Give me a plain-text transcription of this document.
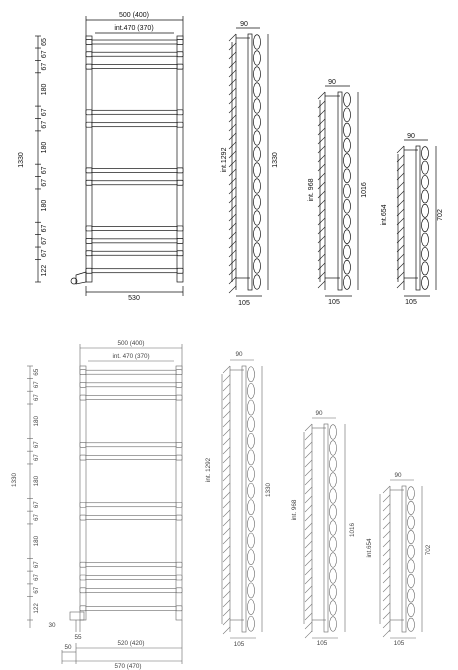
500 (400)
int.470 (370)
1330
65
67
67
180
67
67
180
67
67
180
67
67
67
122
530
90
int.1292	1330
105
90
int. 968	1016
105
90
int.654	702
105
500 (400)
int. 470 (370)
1330
65
67
67
180
67
67
180
67
67
180
67
67
67
122
30
55
520 (420)
50
570 (470)
90
int. 1292
1330
105
90
int. 968
1016
105
90
int.654	702
105
